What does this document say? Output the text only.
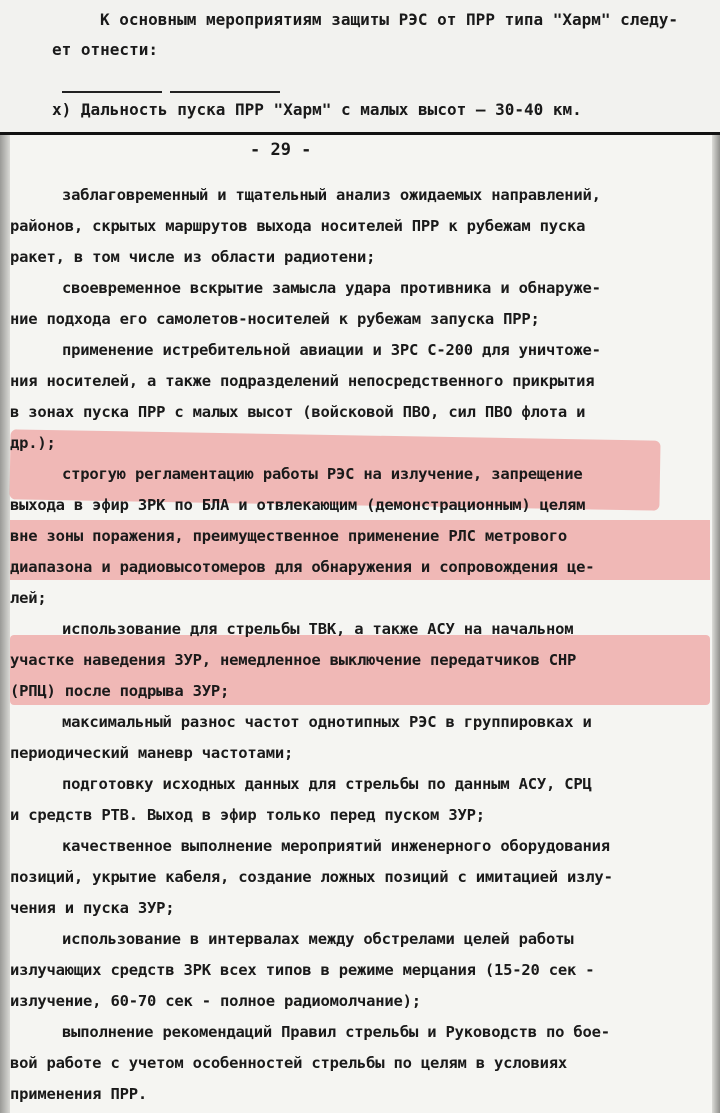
К основным мероприятиям защиты РЭС от ПРР типа "Харм" следу-
ет отнести:
x) Дальность пуска ПРР "Харм" с малых высот – 30-40 км.
- 29 -
заблаговременный и тщательный анализ ожидаемых направлений,
районов, скрытых маршрутов выхода носителей ПРР к рубежам пуска
ракет, в том числе из области радиотени;
своевременное вскрытие замысла удара противника и обнаруже-
ние подхода его самолетов-носителей к рубежам запуска ПРР;
применение истребительной авиации и ЗРС С-200 для уничтоже-
ния носителей, а также подразделений непосредственного прикрытия
в зонах пуска ПРР с малых высот (войсковой ПВО, сил ПВО флота и
др.);
строгую регламентацию работы РЭС на излучение, запрещение
выхода в эфир ЗРК по БЛА и отвлекающим (демонстрационным) целям
вне зоны поражения, преимущественное применение РЛС метрового
диапазона и радиовысотомеров для обнаружения и сопровождения це-
лей;
использование для стрельбы ТВК, а также АСУ на начальном
участке наведения ЗУР, немедленное выключение передатчиков СНР
(РПЦ) после подрыва ЗУР;
максимальный разнос частот однотипных РЭС в группировках и
периодический маневр частотами;
подготовку исходных данных для стрельбы по данным АСУ, СРЦ
и средств РТВ. Выход в эфир только перед пуском ЗУР;
качественное выполнение мероприятий инженерного оборудования
позиций, укрытие кабеля, создание ложных позиций с имитацией излу-
чения и пуска ЗУР;
использование в интервалах между обстрелами целей работы
излучающих средств ЗРК всех типов в режиме мерцания (15-20 сек -
излучение, 60-70 сек - полное радиомолчание);
выполнение рекомендаций Правил стрельбы и Руководств по бое-
вой работе с учетом особенностей стрельбы по целям в условиях
применения ПРР.
